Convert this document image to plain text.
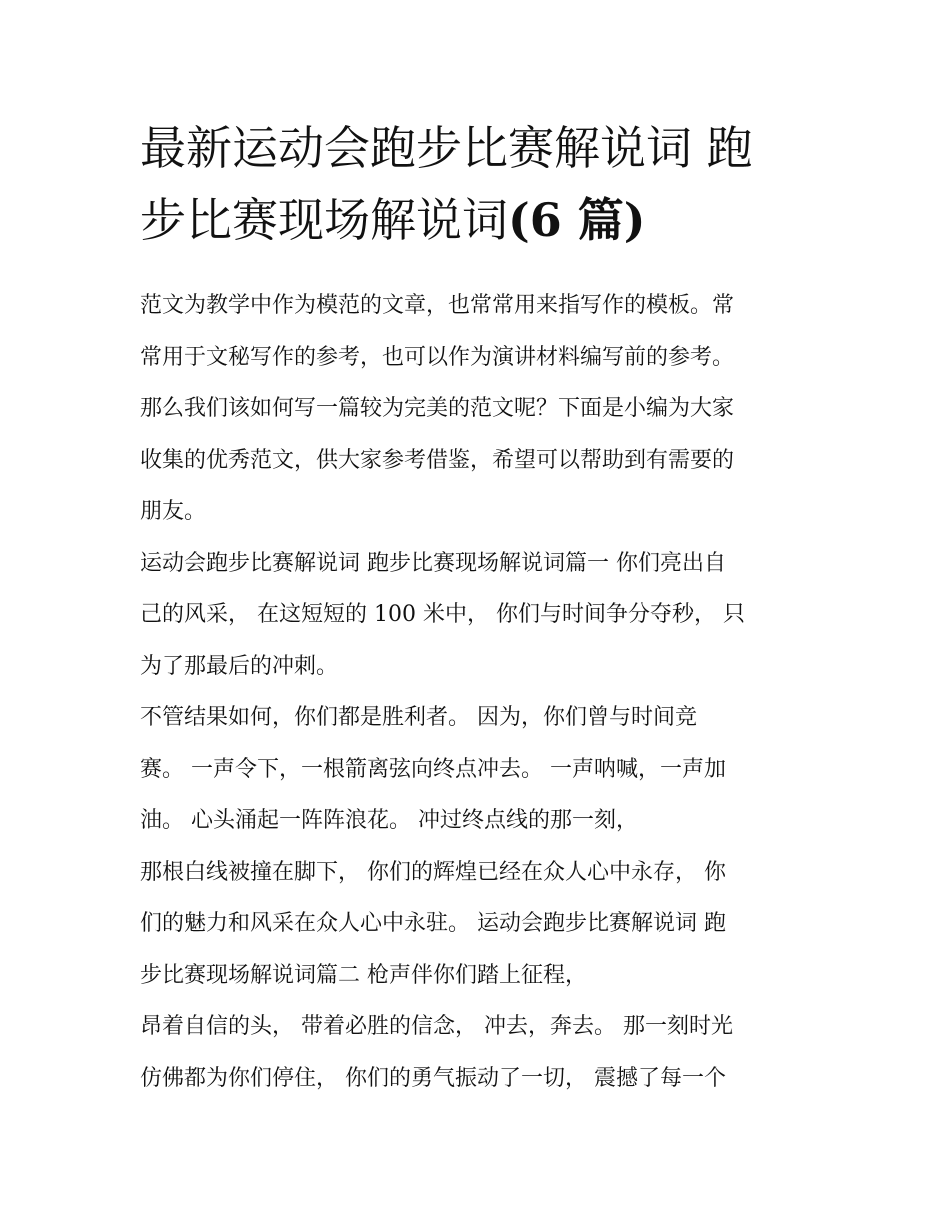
最新运动会跑步比赛解说词 跑
步比赛现场解说词(6 篇)
范文为教学中作为模范的文章，也常常用来指写作的模板。常
常用于文秘写作的参考，也可以作为演讲材料编写前的参考。
那么我们该如何写一篇较为完美的范文呢？下面是小编为大家
收集的优秀范文，供大家参考借鉴，希望可以帮助到有需要的
朋友。
运动会跑步比赛解说词 跑步比赛现场解说词篇一 你们亮出自
己的风采， 在这短短的 100 米中， 你们与时间争分夺秒， 只
为了那最后的冲刺。
不管结果如何，你们都是胜利者。 因为，你们曾与时间竞
赛。 一声令下，一根箭离弦向终点冲去。 一声呐喊，一声加
油。 心头涌起一阵阵浪花。 冲过终点线的那一刻，
那根白线被撞在脚下， 你们的辉煌已经在众人心中永存， 你
们的魅力和风采在众人心中永驻。 运动会跑步比赛解说词 跑
步比赛现场解说词篇二 枪声伴你们踏上征程，
昂着自信的头， 带着必胜的信念， 冲去，奔去。 那一刻时光
仿佛都为你们停住， 你们的勇气振动了一切， 震撼了每一个
